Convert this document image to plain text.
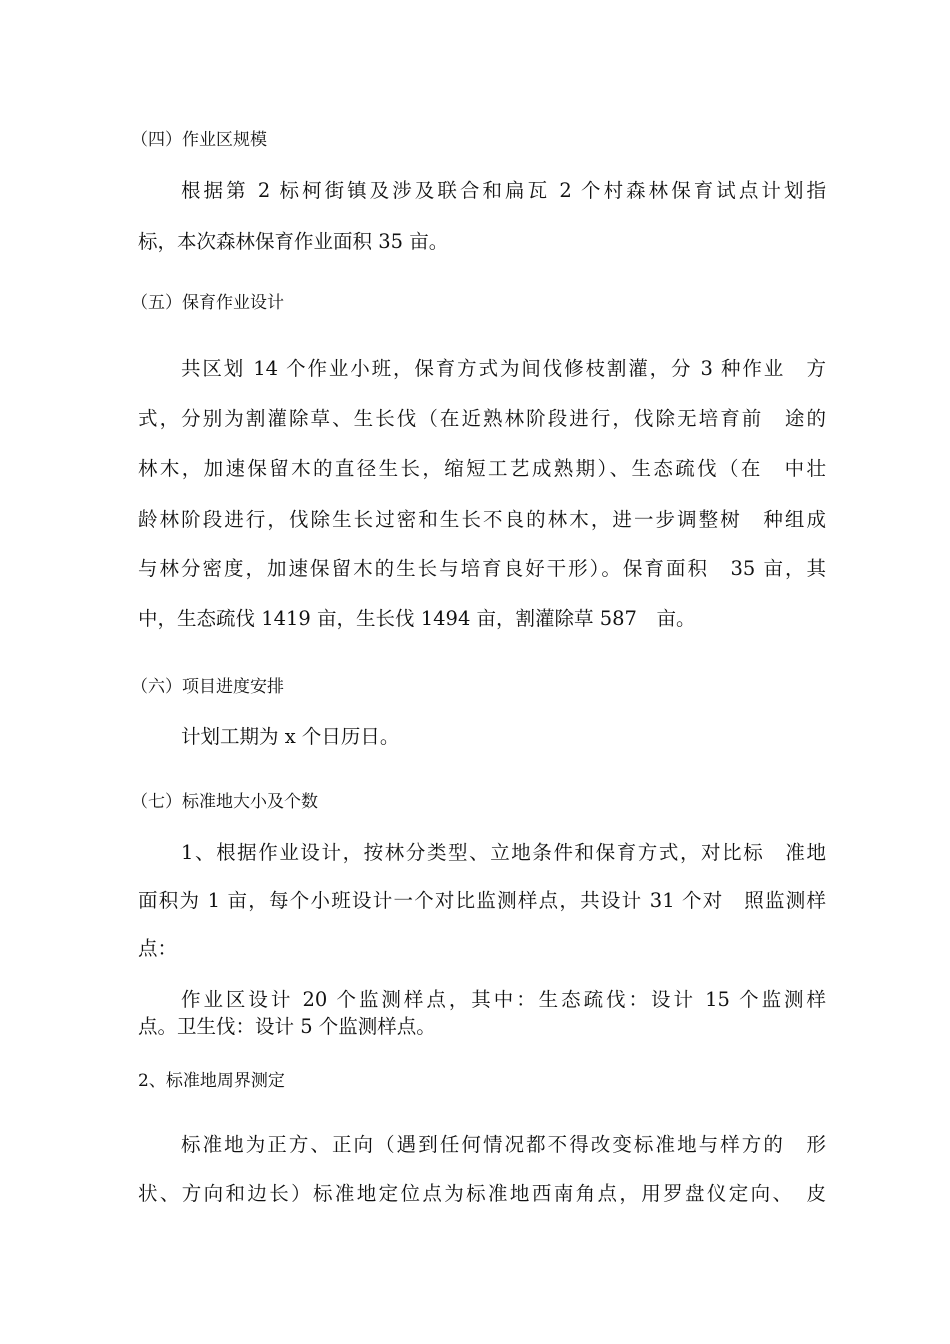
（四）作业区规模
根据第 2 标柯街镇及涉及联合和扁瓦 2 个村森林保育试点计划指
标，本次森林保育作业面积 35 亩。
（五）保育作业设计
共区划 14 个作业小班，保育方式为间伐修枝割灌，分 3 种作业　方
式，分别为割灌除草、生长伐（在近熟林阶段进行，伐除无培育前　途的
林木，加速保留木的直径生长，缩短工艺成熟期）、生态疏伐（在　中壮
龄林阶段进行，伐除生长过密和生长不良的林木，进一步调整树　种组成
与林分密度，加速保留木的生长与培育良好干形）。保育面积　35 亩，其
中，生态疏伐 1419 亩，生长伐 1494 亩，割灌除草 587　亩。
（六）项目进度安排
计划工期为 x 个日历日。
（七）标准地大小及个数
1、根据作业设计，按林分类型、立地条件和保育方式，对比标　准地
面积为 1 亩，每个小班设计一个对比监测样点，共设计 31 个对　照监测样
点：
作业区设计 20 个监测样点，其中：生态疏伐：设计 15 个监测样
点。卫生伐：设计 5 个监测样点。
2、标准地周界测定
标准地为正方、正向（遇到任何情况都不得改变标准地与样方的　形
状、方向和边长）标准地定位点为标准地西南角点，用罗盘仪定向、　皮
